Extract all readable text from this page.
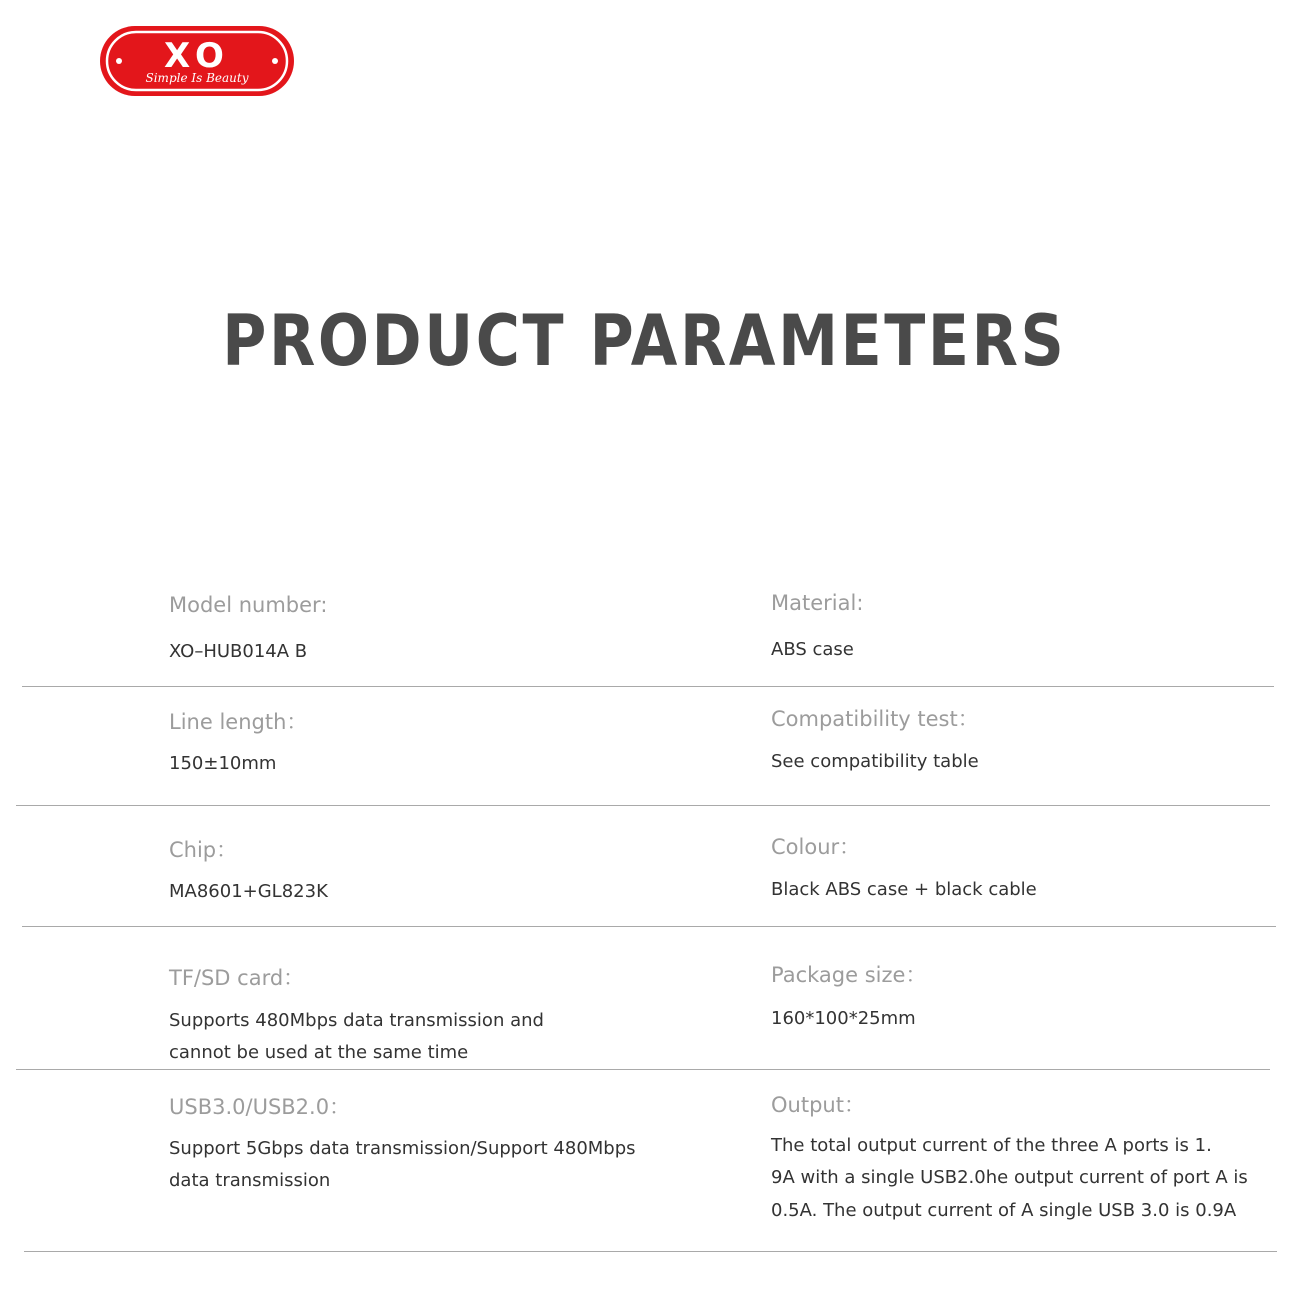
XO
Simple Is Beauty
PRODUCT PARAMETERS
Model number:
XO–HUB014A B
Material:
ABS case
Line length：
150±10mm
Compatibility test：
See compatibility table
Chip：
MA8601+GL823K
Colour：
Black ABS case + black cable
TF/SD card：
Supports 480Mbps data transmission and
cannot be used at the same time
Package size：
160*100*25mm
USB3.0/USB2.0：
Support 5Gbps data transmission/Support 480Mbps
data transmission
Output：
The total output current of the three A ports is 1.
9A with a single USB2.0he output current of port A is
0.5A. The output current of A single USB 3.0 is 0.9A
